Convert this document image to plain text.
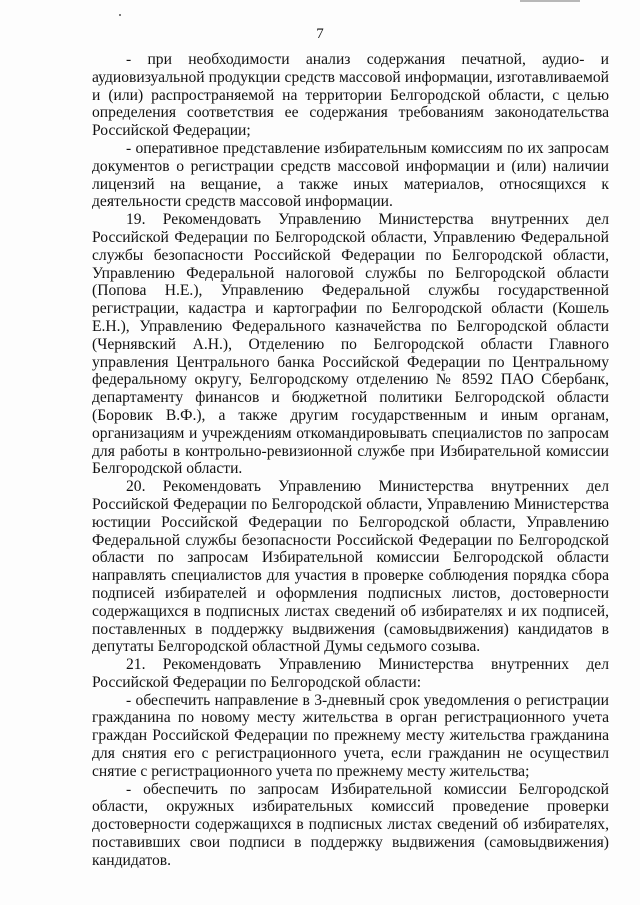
7

- при необходимости анализ содержания печатной, аудио- и аудиовизуальной продукции средств массовой информации, изготавливаемой и (или) распространяемой на территории Белгородской области, с целью определения соответствия ее содержания требованиям законодательства Российской Федерации;

- оперативное представление избирательным комиссиям по их запросам документов о регистрации средств массовой информации и (или) наличии лицензий на вещание, а также иных материалов, относящихся к деятельности средств массовой информации.

19. Рекомендовать Управлению Министерства внутренних дел Российской Федерации по Белгородской области, Управлению Федеральной службы безопасности Российской Федерации по Белгородской области, Управлению Федеральной налоговой службы по Белгородской области (Попова Н.Е.), Управлению Федеральной службы государственной регистрации, кадастра и картографии по Белгородской области (Кошель Е.Н.), Управлению Федерального казначейства по Белгородской области (Чернявский А.Н.), Отделению по Белгородской области Главного управления Центрального банка Российской Федерации по Центральному федеральному округу, Белгородскому отделению № 8592 ПАО Сбербанк, департаменту финансов и бюджетной политики Белгородской области (Боровик В.Ф.), а также другим государственным и иным органам, организациям и учреждениям откомандировывать специалистов по запросам для работы в контрольно-ревизионной службе при Избирательной комиссии Белгородской области.

20. Рекомендовать Управлению Министерства внутренних дел Российской Федерации по Белгородской области, Управлению Министерства юстиции Российской Федерации по Белгородской области, Управлению Федеральной службы безопасности Российской Федерации по Белгородской области по запросам Избирательной комиссии Белгородской области направлять специалистов для участия в проверке соблюдения порядка сбора подписей избирателей и оформления подписных листов, достоверности содержащихся в подписных листах сведений об избирателях и их подписей, поставленных в поддержку выдвижения (самовыдвижения) кандидатов в депутаты Белгородской областной Думы седьмого созыва.

21. Рекомендовать Управлению Министерства внутренних дел Российской Федерации по Белгородской области:

- обеспечить направление в 3-дневный срок уведомления о регистрации гражданина по новому месту жительства в орган регистрационного учета граждан Российской Федерации по прежнему месту жительства гражданина для снятия его с регистрационного учета, если гражданин не осуществил снятие с регистрационного учета по прежнему месту жительства;

- обеспечить по запросам Избирательной комиссии Белгородской области, окружных избирательных комиссий проведение проверки достоверности содержащихся в подписных листах сведений об избирателях, поставивших свои подписи в поддержку выдвижения (самовыдвижения) кандидатов.
